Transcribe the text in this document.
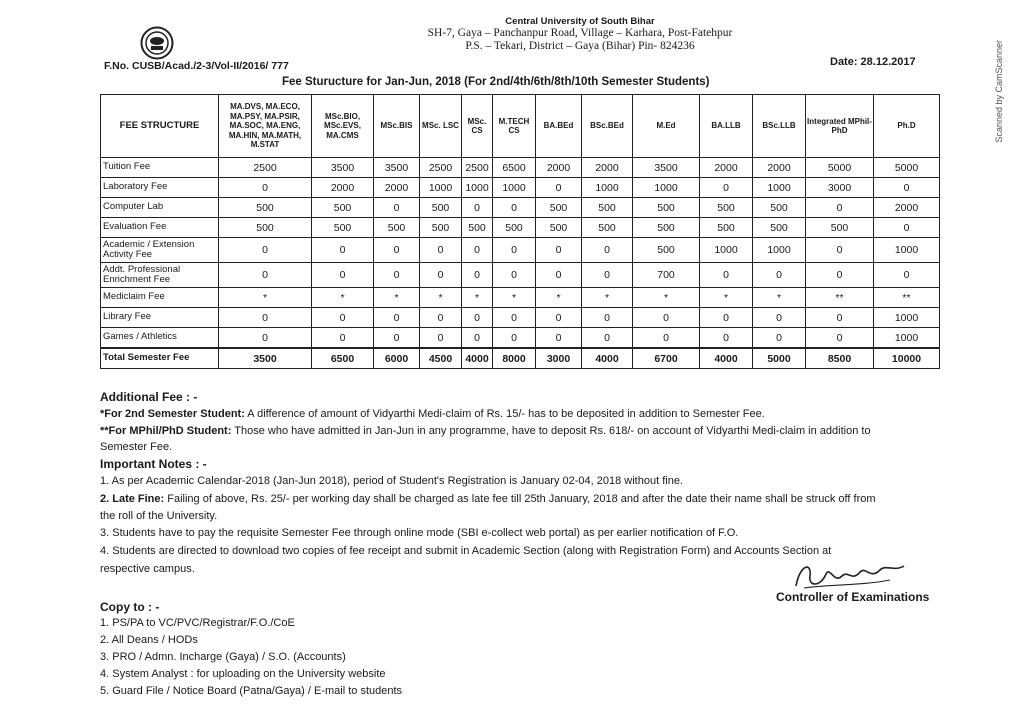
Central University of South Bihar
SH-7, Gaya – Panchanpur Road, Village – Karhara, Post-Fatehpur
P.S. – Tekari, District – Gaya (Bihar) Pin- 824236
F.No. CUSB/Acad./2-3/Vol-II/2016/ 777	Date: 28.12.2017
Fee Sturucture for Jan-Jun, 2018 (For 2nd/4th/6th/8th/10th Semester Students)	Scanned by CamScanner
FEE STRUCTURE	MA.DVS, MA.ECO, MA.PSY, MA.PSIR, MA.SOC, MA.ENG, MA.HIN, MA.MATH, M.STAT	MSc.BIO, MSc.EVS, MA.CMS	MSc.BIS	MSc. LSC	MSc. CS	M.TECH CS	BA.BEd	BSc.BEd	M.Ed	BA.LLB	BSc.LLB	Integrated MPhil-PhD	Ph.D
Tuition Fee	2500	3500	3500	2500	2500	6500	2000	2000	3500	2000	2000	5000	5000
Laboratory Fee	0	2000	2000	1000	1000	1000	0	1000	1000	0	1000	3000	0
Computer Lab	500	500	0	500	0	0	500	500	500	500	500	0	2000
Evaluation Fee	500	500	500	500	500	500	500	500	500	500	500	500	0
Academic / Extension Activity Fee	0	0	0	0	0	0	0	0	500	1000	1000	0	1000
Addt. Professional Enrichment Fee	0	0	0	0	0	0	0	0	700	0	0	0	0
Mediclaim Fee	*	*	*	*	*	*	*	*	*	*	*	**	**
Library Fee	0	0	0	0	0	0	0	0	0	0	0	0	1000
Games / Athletics	0	0	0	0	0	0	0	0	0	0	0	0	1000
Total Semester Fee	3500	6500	6000	4500	4000	8000	3000	4000	6700	4000	5000	8500	10000
Additional Fee : -
*For 2nd Semester Student: A difference of amount of Vidyarthi Medi-claim of Rs. 15/- has to be deposited in addition to Semester Fee.
**For MPhil/PhD Student: Those who have admitted in Jan-Jun in any programme, have to deposit Rs. 618/- on account of Vidyarthi Medi-claim in addition to
Semester Fee.
Important Notes : -
1. As per Academic Calendar-2018 (Jan-Jun 2018), period of Student's Registration is January 02-04, 2018 without fine.
2. Late Fine: Failing of above, Rs. 25/- per working day shall be charged as late fee till 25th January, 2018 and after the date their name shall be struck off from
the roll of the University.
3. Students have to pay the requisite Semester Fee through online mode (SBI e-collect web portal) as per earlier notification of F.O.
4. Students are directed to download two copies of fee receipt and submit in Academic Section (along with Registration Form) and Accounts Section at
respective campus.
Controller of Examinations
Copy to : -
1. PS/PA to VC/PVC/Registrar/F.O./CoE
2. All Deans / HODs
3. PRO / Admn. Incharge (Gaya) / S.O. (Accounts)
4. System Analyst : for uploading on the University website
5. Guard File / Notice Board (Patna/Gaya) / E-mail to students
